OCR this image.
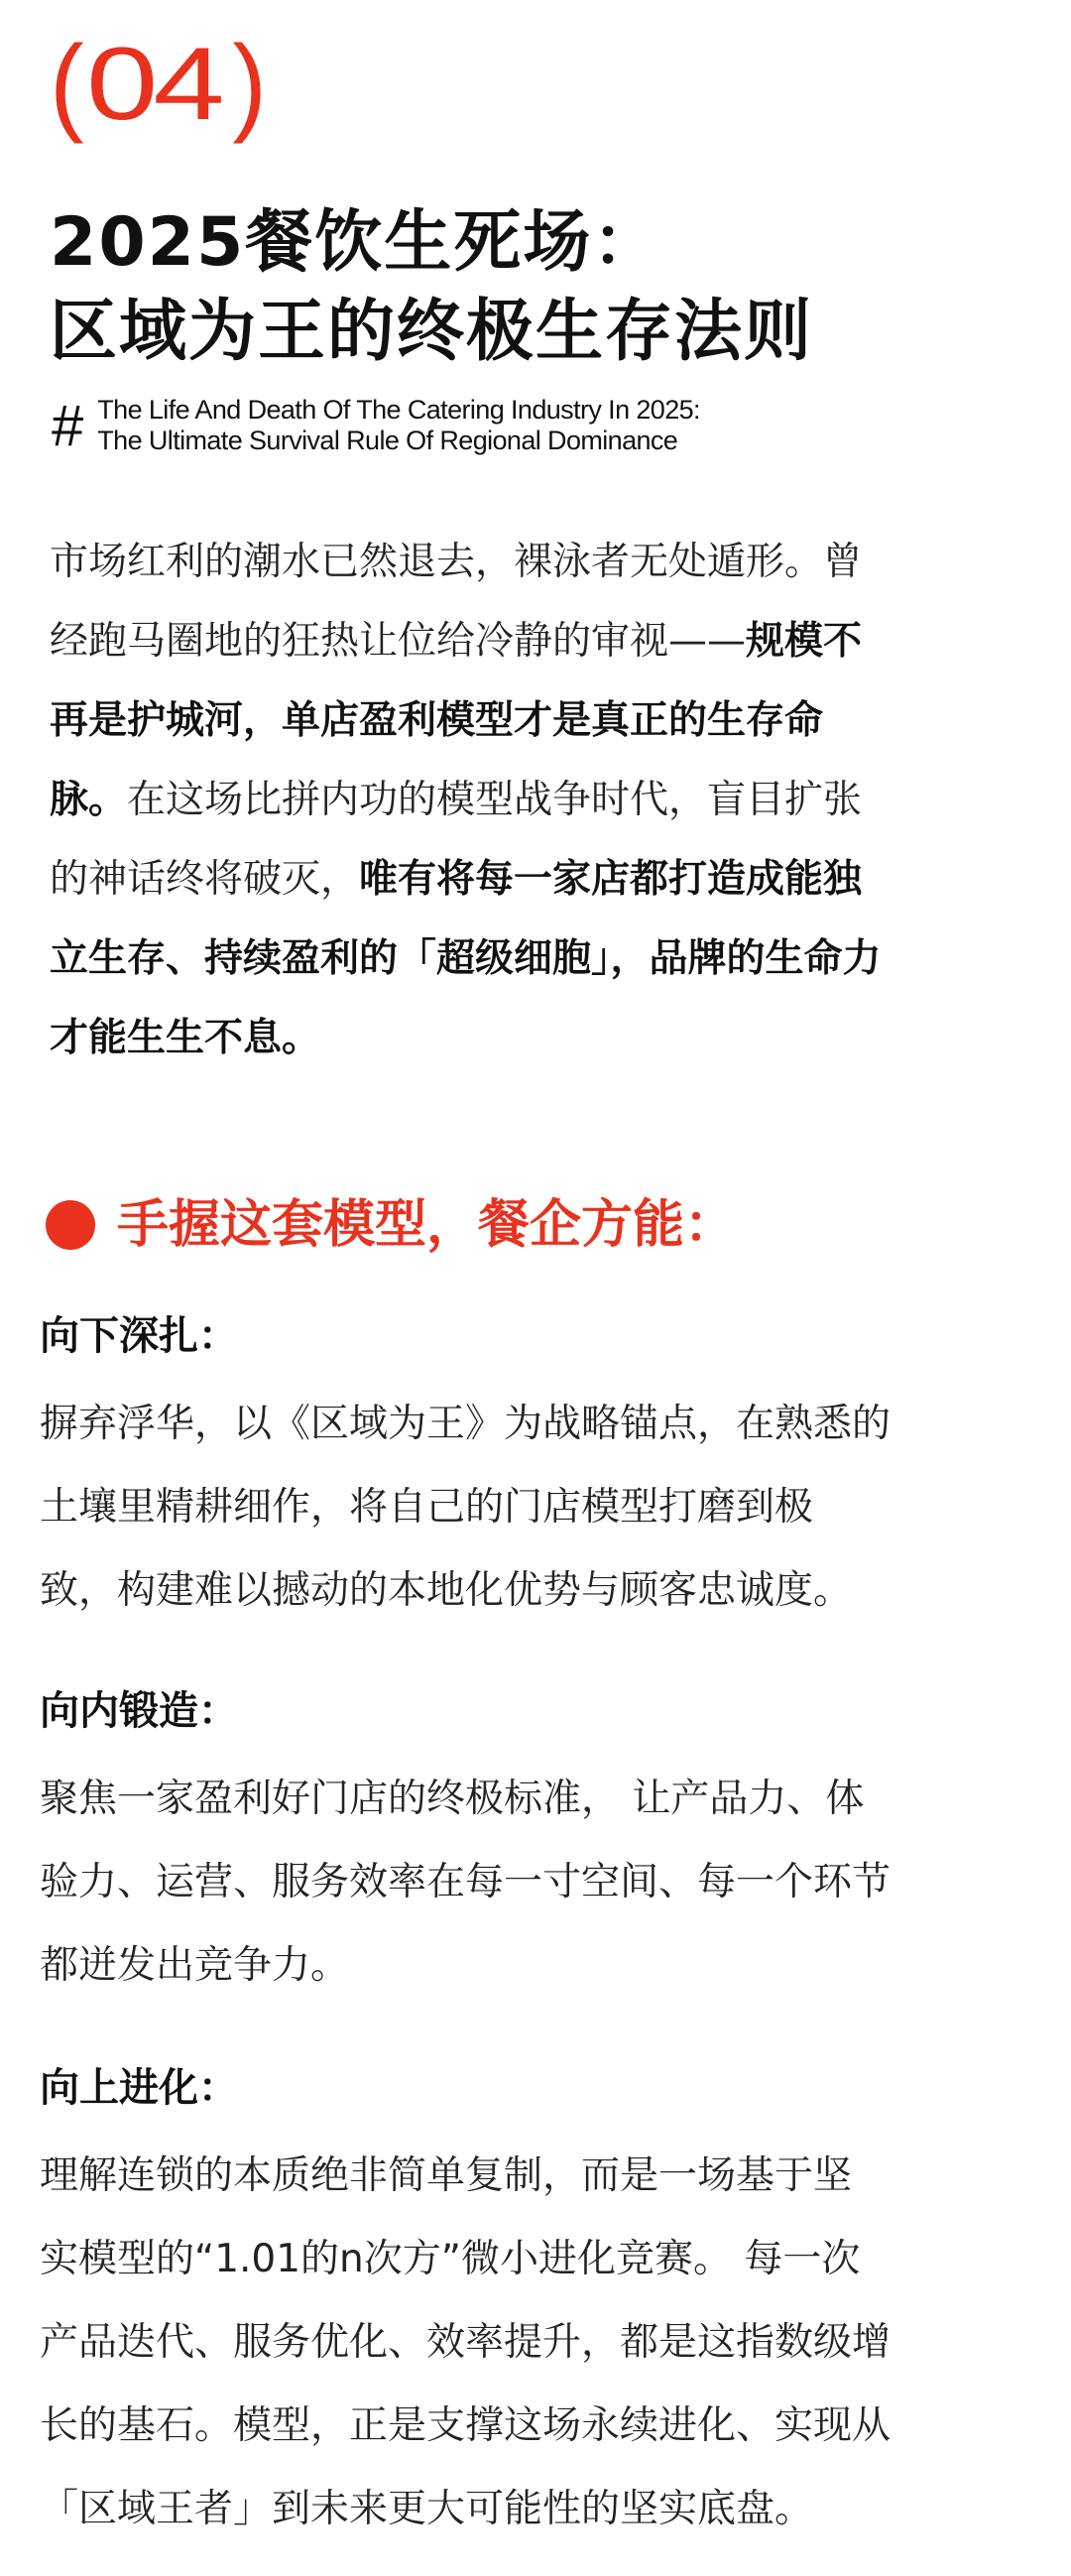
( 04 )
2025餐饮生死场：
区域为王的终极生存法则
# The Life And Death Of The Catering Industry In 2025:
The Ultimate Survival Rule Of Regional Dominance
市场红利的潮水已然退去，裸泳者无处遁形。曾
经跑马圈地的狂热让位给冷静的审视——规模不
再是护城河，单店盈利模型才是真正的生存命
脉。在这场比拼内功的模型战争时代，盲目扩张
的神话终将破灭，唯有将每一家店都打造成能独
立生存、持续盈利的「超级细胞」，品牌的生命力
才能生生不息。
手握这套模型，餐企方能：
向下深扎：
摒弃浮华，以《区域为王》为战略锚点，在熟悉的
土壤里精耕细作，将自己的门店模型打磨到极
致，构建难以撼动的本地化优势与顾客忠诚度。
向内锻造：
聚焦一家盈利好门店的终极标准， 让产品力、体
验力、运营、服务效率在每一寸空间、每一个环节
都迸发出竞争力。
向上进化：
理解连锁的本质绝非简单复制，而是一场基于坚
实模型的“1.01的n次方”微小进化竞赛。 每一次
产品迭代、服务优化、效率提升，都是这指数级增
长的基石。模型，正是支撑这场永续进化、实现从
「区域王者」到未来更大可能性的坚实底盘。
